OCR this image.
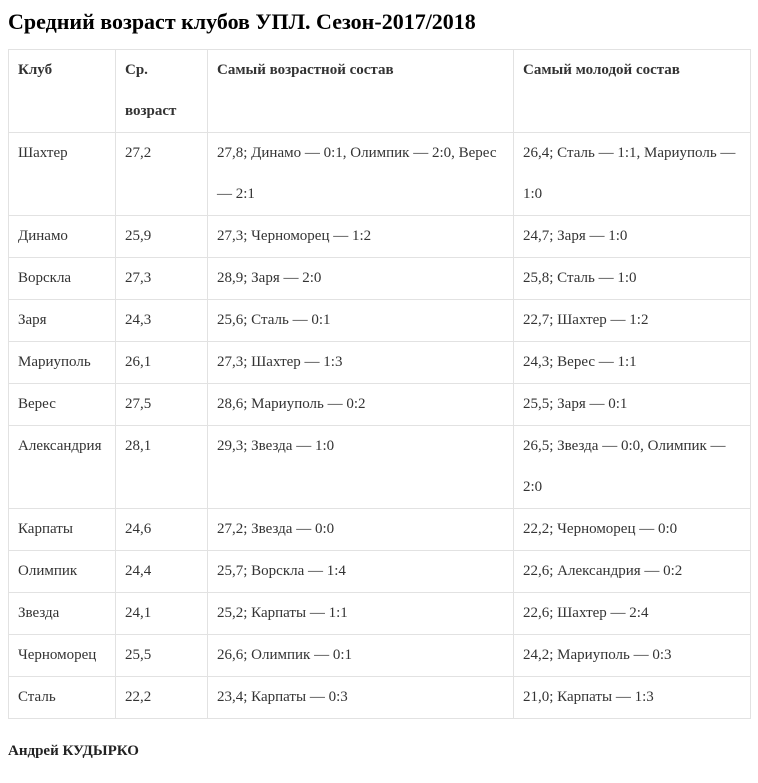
Средний возраст клубов УПЛ. Сезон-2017/2018
Клуб	Ср. возраст	Самый возрастной состав	Самый молодой состав
Шахтер	27,2	27,8; Динамо — 0:1, Олимпик — 2:0, Верес — 2:1	26,4; Сталь — 1:1, Мариуполь — 1:0
Динамо	25,9	27,3; Черноморец — 1:2	24,7; Заря — 1:0
Ворскла	27,3	28,9; Заря — 2:0	25,8; Сталь — 1:0
Заря	24,3	25,6; Сталь — 0:1	22,7; Шахтер — 1:2
Мариуполь	26,1	27,3; Шахтер — 1:3	24,3; Верес — 1:1
Верес	27,5	28,6; Мариуполь — 0:2	25,5; Заря — 0:1
Александрия	28,1	29,3; Звезда — 1:0	26,5; Звезда — 0:0, Олимпик — 2:0
Карпаты	24,6	27,2; Звезда — 0:0	22,2; Черноморец — 0:0
Олимпик	24,4	25,7; Ворскла — 1:4	22,6; Александрия — 0:2
Звезда	24,1	25,2; Карпаты — 1:1	22,6; Шахтер — 2:4
Черноморец	25,5	26,6; Олимпик — 0:1	24,2; Мариуполь — 0:3
Сталь	22,2	23,4; Карпаты — 0:3	21,0; Карпаты — 1:3

Андрей КУДЫРКО
